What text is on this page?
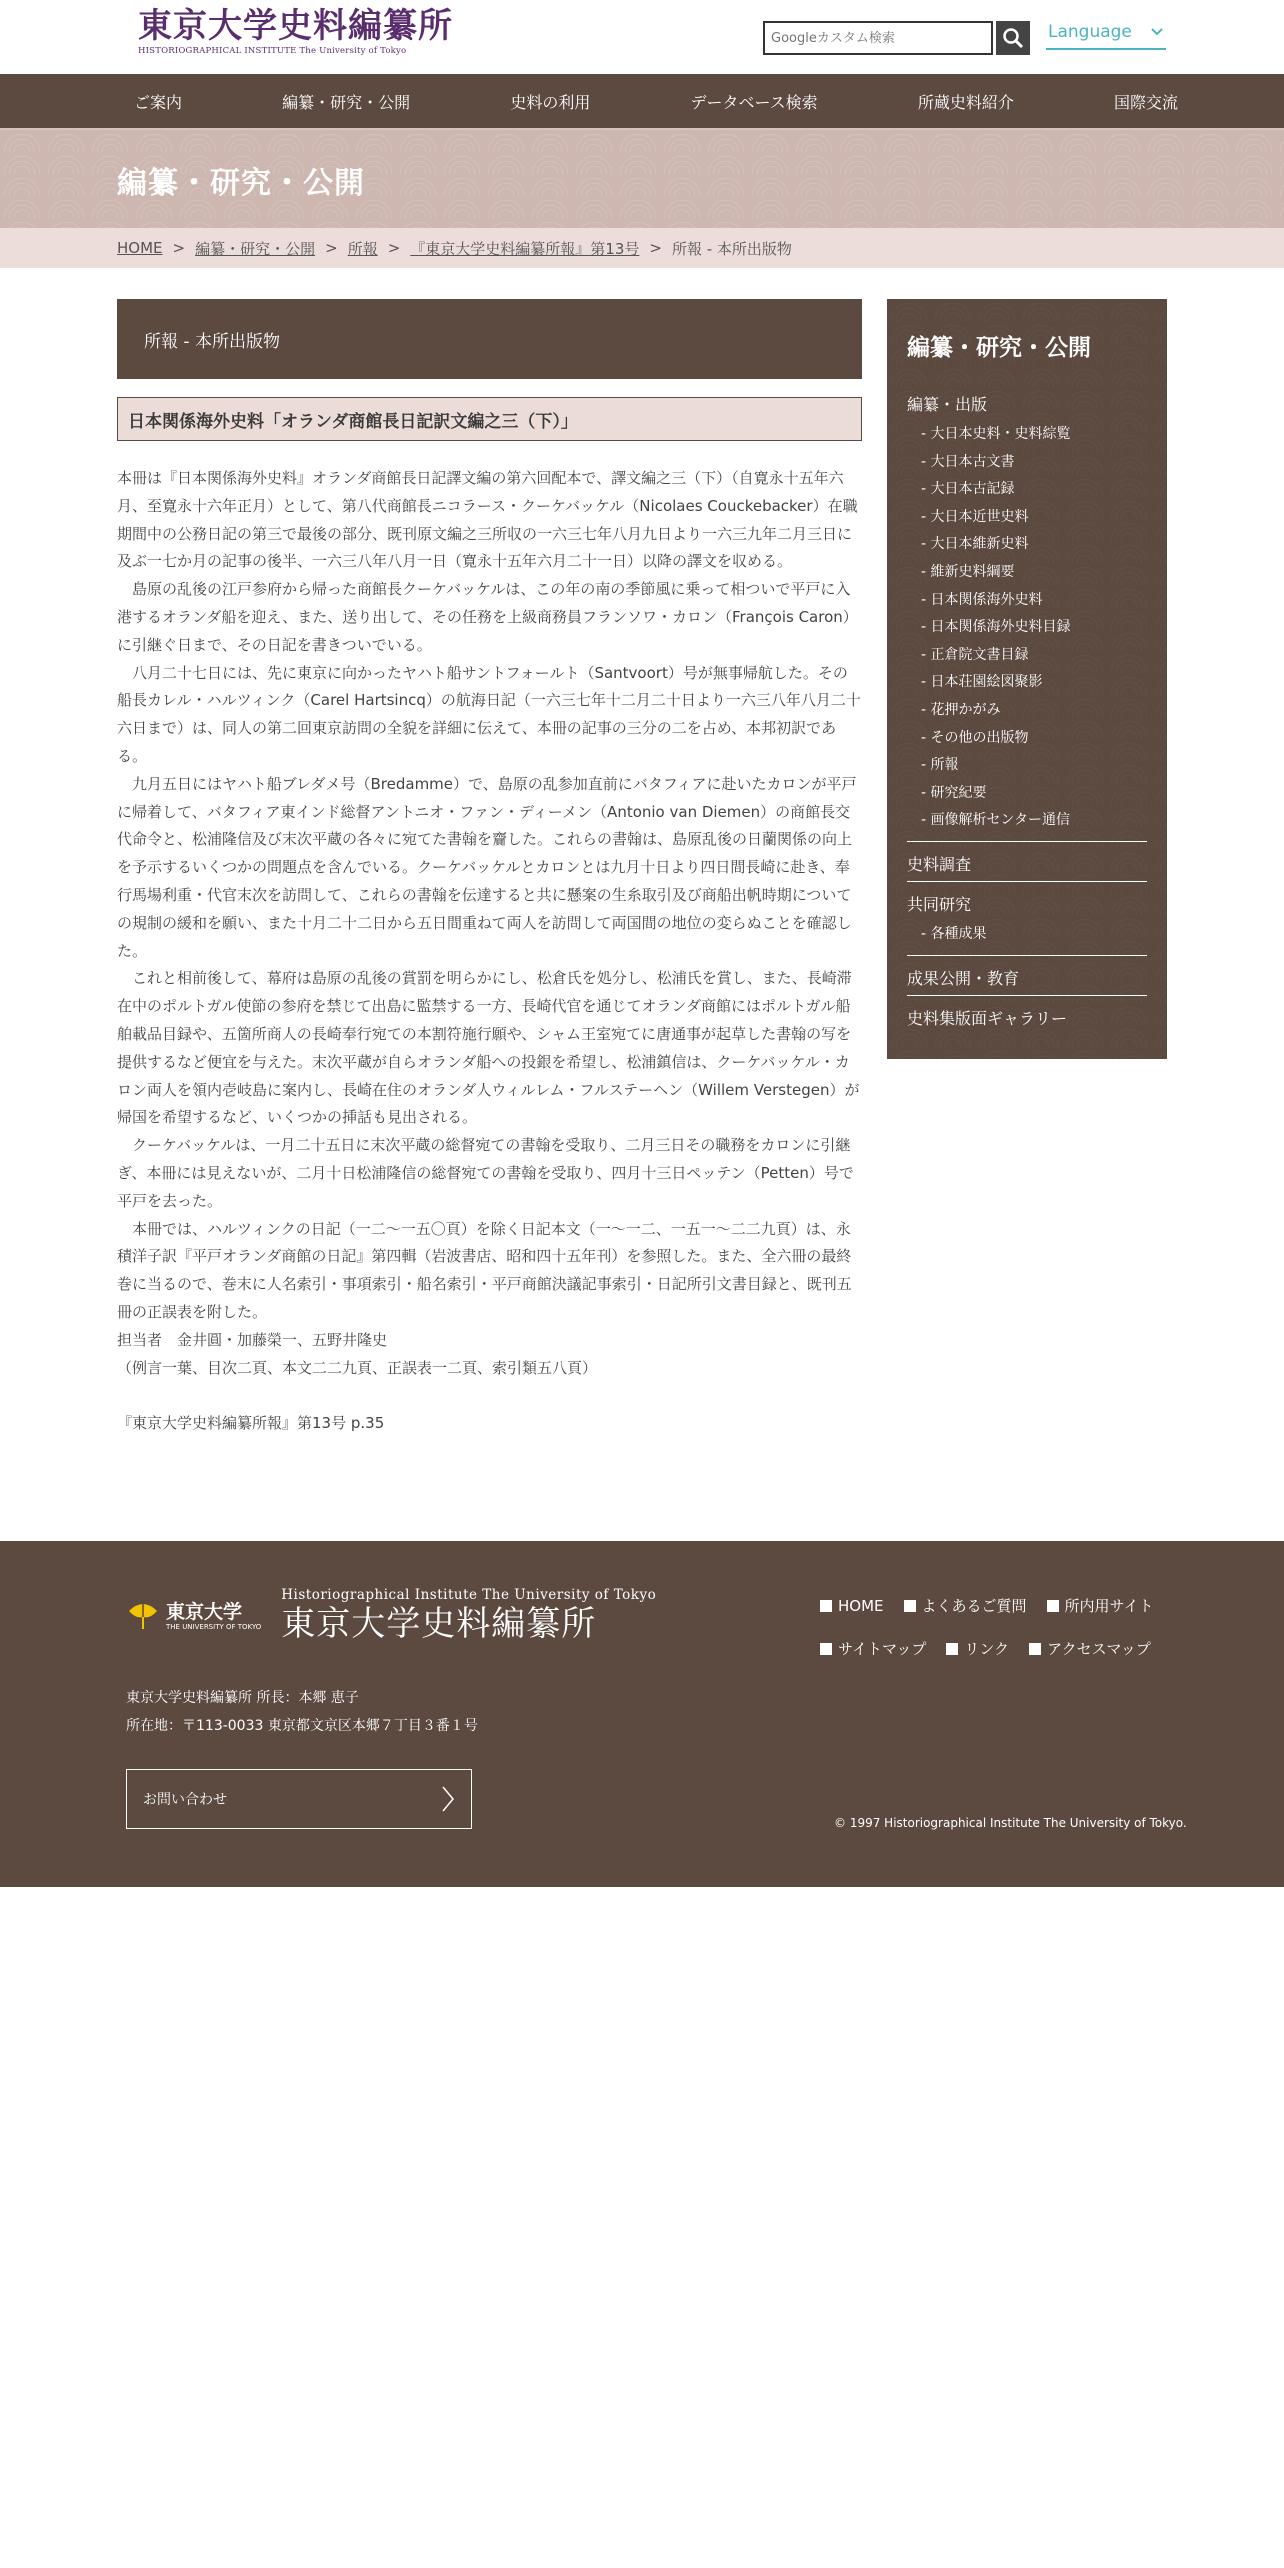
東京大学史料編纂所
HISTORIOGRAPHICAL INSTITUTE The University of Tokyo
Googleカスタム検索
Language
ご案内	編纂・研究・公開	史料の利用	データベース検索	所蔵史料紹介	国際交流
編纂・研究・公開
HOME > 編纂・研究・公開 > 所報 > 『東京大学史料編纂所報』第13号 > 所報 - 本所出版物
所報 - 本所出版物
日本関係海外史料「オランダ商館長日記訳文編之三（下）」

本冊は『日本関係海外史料』オランダ商館長日記譯文編の第六回配本で、譯文編之三（下）（自寛永十五年六月、至寛永十六年正月）として、第八代商館長ニコラース・クーケバッケル（Nicolaes Couckebacker）在職期間中の公務日記の第三で最後の部分、既刊原文編之三所収の一六三七年八月九日より一六三九年二月三日に及ぶ一七か月の記事の後半、一六三八年八月一日（寛永十五年六月二十一日）以降の譯文を収める。

　島原の乱後の江戸参府から帰った商館長クーケバッケルは、この年の南の季節風に乗って相ついで平戸に入港するオランダ船を迎え、また、送り出して、その任務を上級商務員フランソワ・カロン（François Caron）に引継ぐ日まで、その日記を書きついでいる。

　八月二十七日には、先に東京に向かったヤハト船サントフォールト（Santvoort）号が無事帰航した。その船長カレル・ハルツィンク（Carel Hartsincq）の航海日記（一六三七年十二月二十日より一六三八年八月二十六日まで）は、同人の第二回東京訪問の全貌を詳細に伝えて、本冊の記事の三分の二を占め、本邦初訳である。

　九月五日にはヤハト船ブレダメ号（Bredamme）で、島原の乱参加直前にバタフィアに赴いたカロンが平戸に帰着して、バタフィア東インド総督アントニオ・ファン・ディーメン（Antonio van Diemen）の商館長交代命令と、松浦隆信及び末次平蔵の各々に宛てた書翰を齎した。これらの書翰は、島原乱後の日蘭関係の向上を予示するいくつかの問題点を含んでいる。クーケバッケルとカロンとは九月十日より四日間長崎に赴き、奉行馬場利重・代官末次を訪問して、これらの書翰を伝達すると共に懸案の生糸取引及び商船出帆時期についての規制の緩和を願い、また十月二十二日から五日間重ねて両人を訪問して両国間の地位の変らぬことを確認した。

　これと相前後して、幕府は島原の乱後の賞罰を明らかにし、松倉氏を処分し、松浦氏を賞し、また、長崎滞在中のポルトガル使節の参府を禁じて出島に監禁する一方、長崎代官を通じてオランダ商館にはポルトガル船舶載品目録や、五箇所商人の長崎奉行宛ての本割符施行願や、シャム王室宛てに唐通事が起草した書翰の写を提供するなど便宜を与えた。末次平蔵が自らオランダ船への投銀を希望し、松浦鎮信は、クーケバッケル・カロン両人を領内壱岐島に案内し、長崎在住のオランダ人ウィルレム・フルステーヘン（Willem Verstegen）が帰国を希望するなど、いくつかの挿話も見出される。

　クーケバッケルは、一月二十五日に末次平蔵の総督宛ての書翰を受取り、二月三日その職務をカロンに引継ぎ、本冊には見えないが、二月十日松浦隆信の総督宛ての書翰を受取り、四月十三日ペッテン（Petten）号で平戸を去った。

　本冊では、ハルツィンクの日記（一二〜一五〇頁）を除く日記本文（一〜一二、一五一〜二二九頁）は、永積洋子訳『平戸オランダ商館の日記』第四輯（岩波書店、昭和四十五年刊）を参照した。また、全六冊の最終巻に当るので、巻末に人名索引・事項索引・船名索引・平戸商館決議記事索引・日記所引文書目録と、既刊五冊の正誤表を附した。

担当者　金井圓・加藤榮一、五野井隆史

（例言一葉、目次二頁、本文二二九頁、正誤表一二頁、索引類五八頁）

『東京大学史料編纂所報』第13号 p.35
編纂・研究・公開
編纂・出版
- 大日本史料・史料綜覧
- 大日本古文書
- 大日本古記録
- 大日本近世史料
- 大日本維新史料
- 維新史料綱要
- 日本関係海外史料
- 日本関係海外史料目録
- 正倉院文書目録
- 日本荘園絵図聚影
- 花押かがみ
- その他の出版物
- 所報
- 研究紀要
- 画像解析センター通信
史料調査
共同研究
- 各種成果
成果公開・教育
史料集版面ギャラリー
東京大学
THE UNIVERSITY OF TOKYO
Historiographical Institute The University of Tokyo
東京大学史料編纂所
東京大学史料編纂所 所長：本郷 恵子
所在地：〒113-0033 東京都文京区本郷７丁目３番１号
お問い合わせ
HOME	よくあるご質問	所内用サイト
サイトマップ	リンク	アクセスマップ
© 1997 Historiographical Institute The University of Tokyo.
